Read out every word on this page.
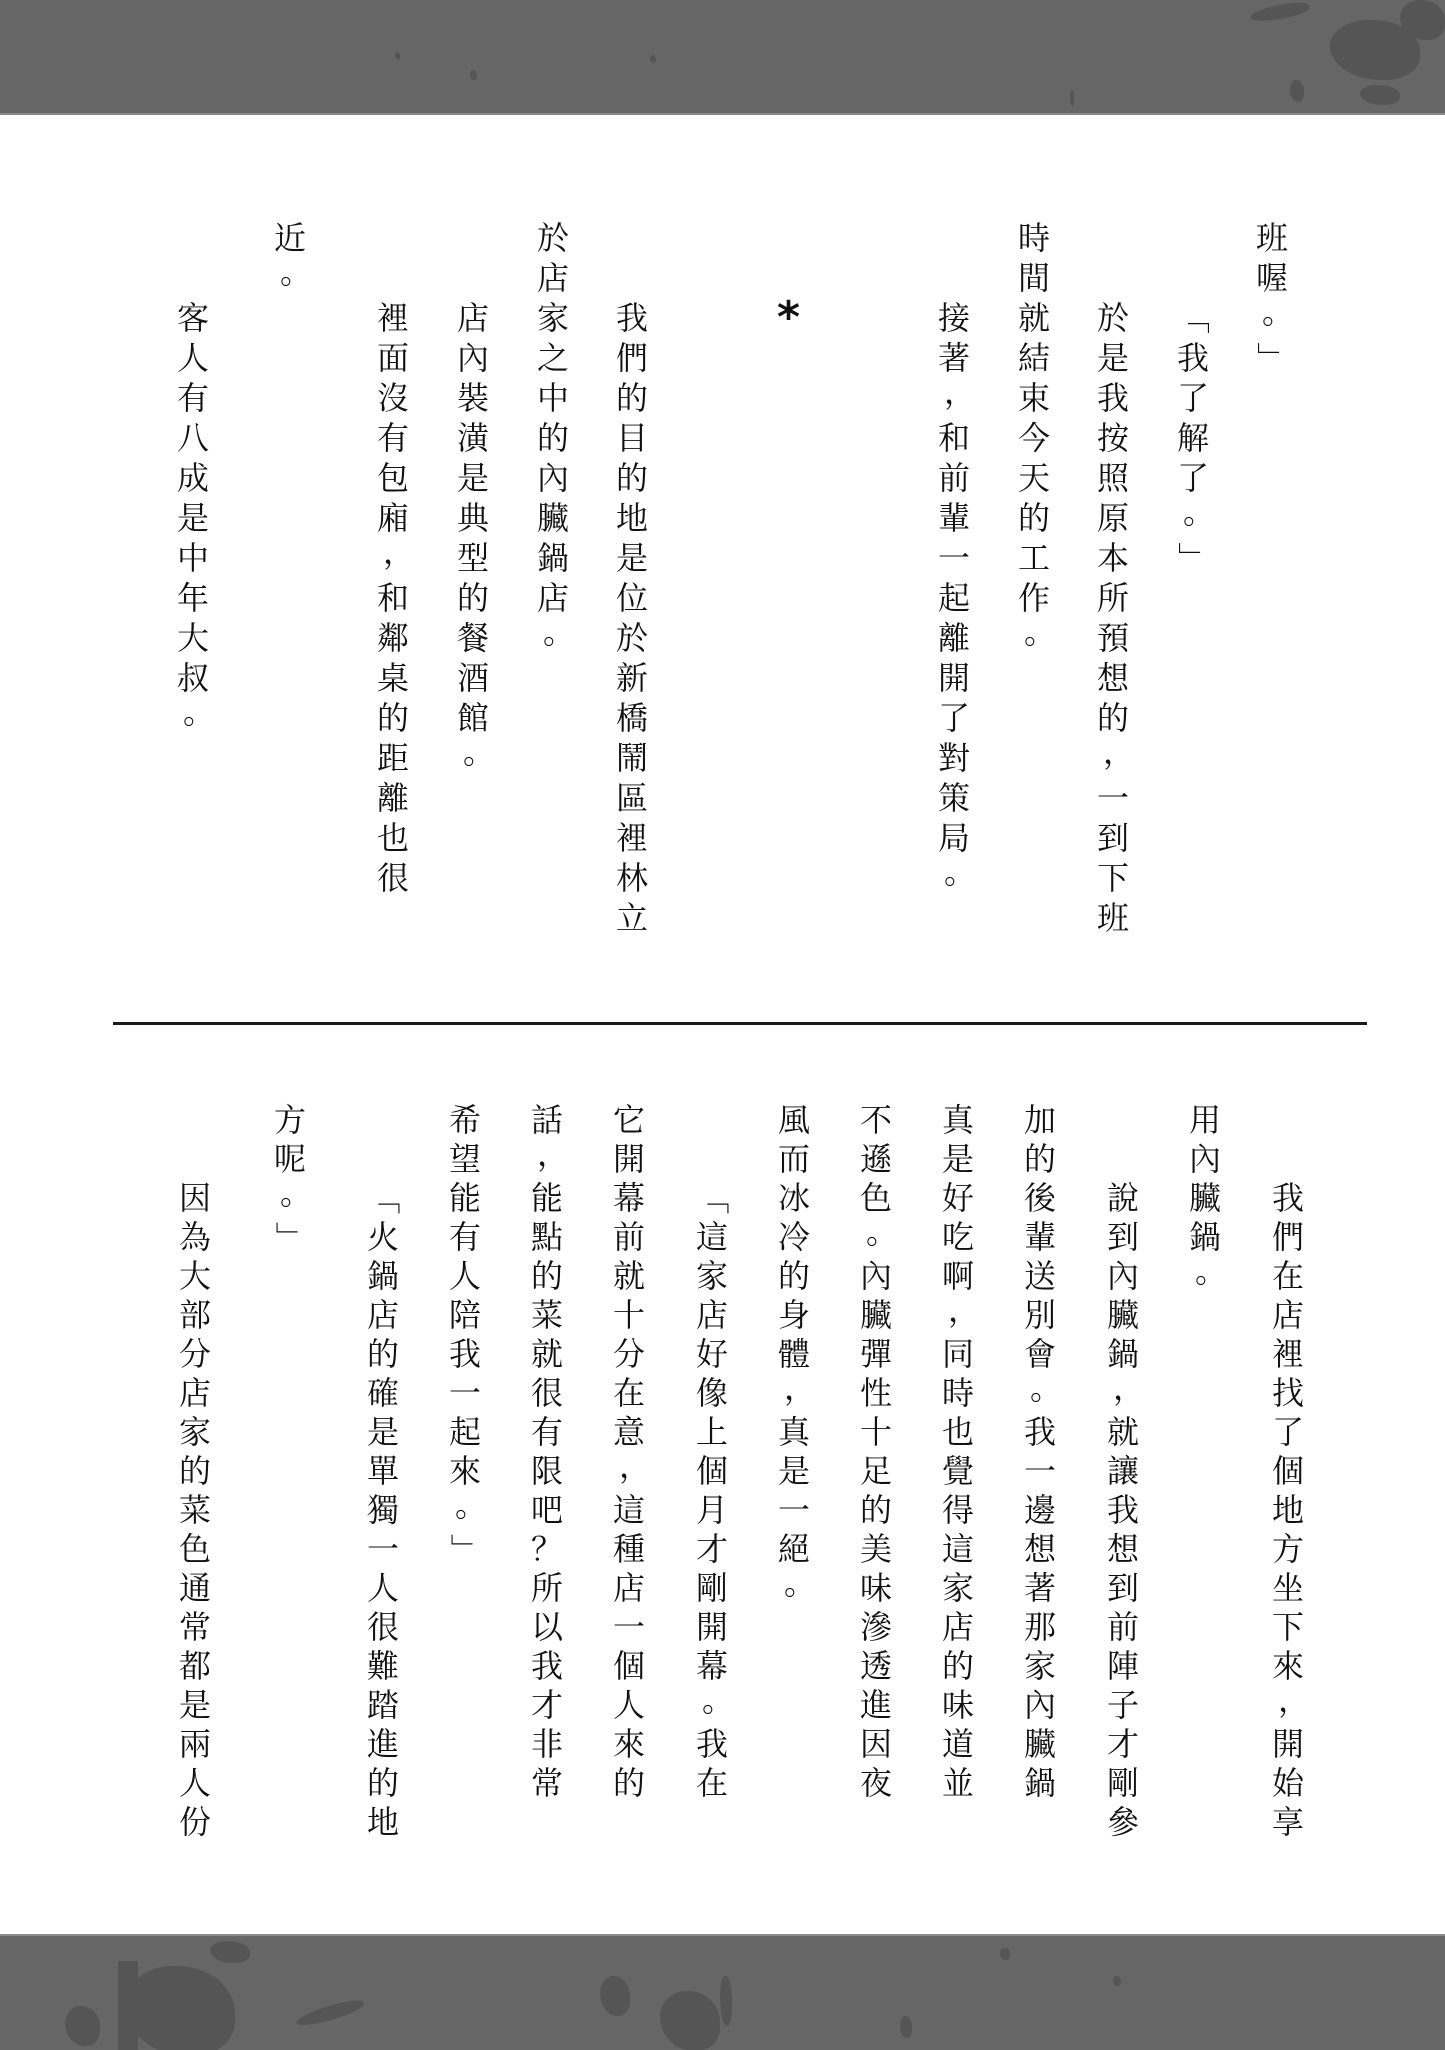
班
喔
。
」
「
我
了
解
了
。
」
於
是
我
按
照
原
本
所
預
想
的
，
一
到
下
班
時
間
就
結
束
今
天
的
工
作
。
接
著
，
和
前
輩
一
起
離
開
了
對
策
局
。
我
們
的
目
的
地
是
位
於
新
橋
鬧
區
裡
林
立
於
店
家
之
中
的
內
臟
鍋
店
。
店
內
裝
潢
是
典
型
的
餐
酒
館
。
裡
面
沒
有
包
廂
，
和
鄰
桌
的
距
離
也
很
近
。
客
人
有
八
成
是
中
年
大
叔
。
*
我
們
在
店
裡
找
了
個
地
方
坐
下
來
，
開
始
享
用
內
臟
鍋
。
說
到
內
臟
鍋
，
就
讓
我
想
到
前
陣
子
才
剛
參
加
的
後
輩
送
別
會
。
我
一
邊
想
著
那
家
內
臟
鍋
真
是
好
吃
啊
，
同
時
也
覺
得
這
家
店
的
味
道
並
不
遜
色
。
內
臟
彈
性
十
足
的
美
味
滲
透
進
因
夜
風
而
冰
冷
的
身
體
，
真
是
一
絕
。
「
這
家
店
好
像
上
個
月
才
剛
開
幕
。
我
在
它
開
幕
前
就
十
分
在
意
，
這
種
店
一
個
人
來
的
話
，
能
點
的
菜
就
很
有
限
吧
？
所
以
我
才
非
常
希
望
能
有
人
陪
我
一
起
來
。
」
「
火
鍋
店
的
確
是
單
獨
一
人
很
難
踏
進
的
地
方
呢
。
」
因
為
大
部
分
店
家
的
菜
色
通
常
都
是
兩
人
份
